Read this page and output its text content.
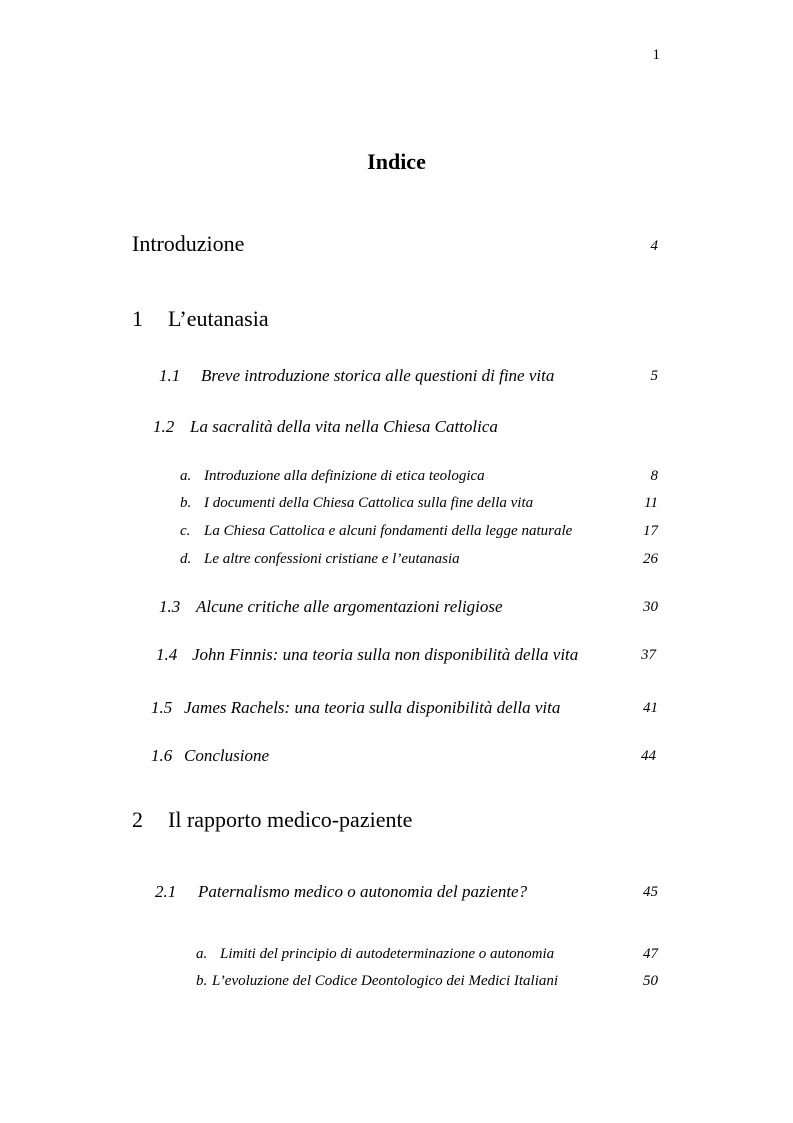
1
Indice
Introduzione	4
1 L’eutanasia
1.1 Breve introduzione storica alle questioni di fine vita	5
1.2 La sacralità della vita nella Chiesa Cattolica
a. Introduzione alla definizione di etica teologica	8
b. I documenti della Chiesa Cattolica sulla fine della vita	11
c. La Chiesa Cattolica e alcuni fondamenti della legge naturale	17
d. Le altre confessioni cristiane e l’eutanasia	26
1.3 Alcune critiche alle argomentazioni religiose	30
1.4 John Finnis: una teoria sulla non disponibilità della vita	37
1.5 James Rachels: una teoria sulla disponibilità della vita	41
1.6 Conclusione	44
2 Il rapporto medico-paziente
2.1 Paternalismo medico o autonomia del paziente?	45
a. Limiti del principio di autodeterminazione o autonomia	47
b. L’evoluzione del Codice Deontologico dei Medici Italiani	50
